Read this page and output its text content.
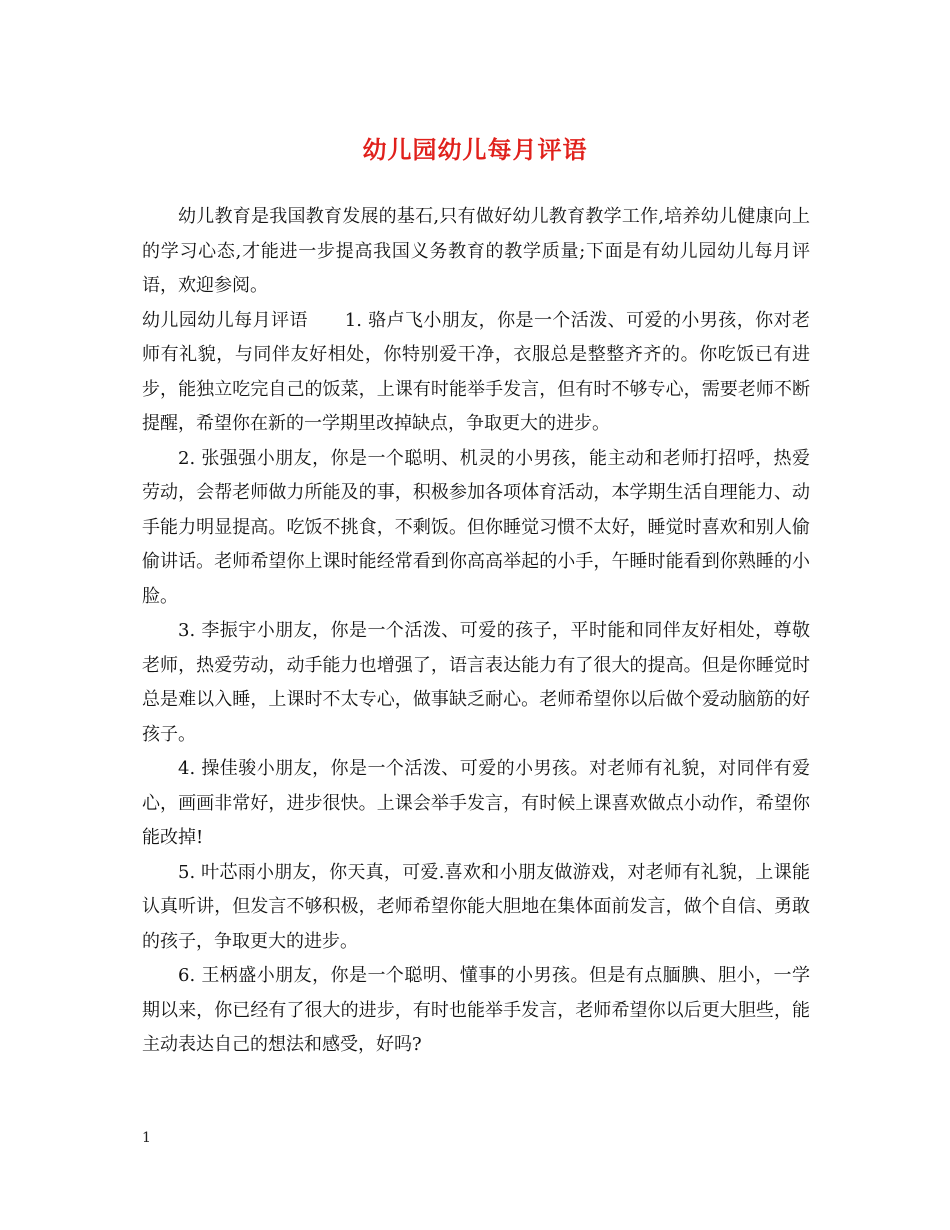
幼儿园幼儿每月评语

幼儿教育是我国教育发展的基石,只有做好幼儿教育教学工作,培养幼儿健康向上的学习心态,才能进一步提高我国义务教育的教学质量;下面是有幼儿园幼儿每月评语，欢迎参阅。

幼儿园幼儿每月评语　　1. 骆卢飞小朋友，你是一个活泼、可爱的小男孩，你对老师有礼貌，与同伴友好相处，你特别爱干净，衣服总是整整齐齐的。你吃饭已有进步，能独立吃完自己的饭菜，上课有时能举手发言，但有时不够专心，需要老师不断提醒，希望你在新的一学期里改掉缺点，争取更大的进步。

2. 张强强小朋友，你是一个聪明、机灵的小男孩，能主动和老师打招呼，热爱劳动，会帮老师做力所能及的事，积极参加各项体育活动，本学期生活自理能力、动手能力明显提高。吃饭不挑食，不剩饭。但你睡觉习惯不太好，睡觉时喜欢和别人偷偷讲话。老师希望你上课时能经常看到你高高举起的小手，午睡时能看到你熟睡的小脸。

3. 李振宇小朋友，你是一个活泼、可爱的孩子，平时能和同伴友好相处，尊敬老师，热爱劳动，动手能力也增强了，语言表达能力有了很大的提高。但是你睡觉时总是难以入睡，上课时不太专心，做事缺乏耐心。老师希望你以后做个爱动脑筋的好孩子。

4. 操佳骏小朋友，你是一个活泼、可爱的小男孩。对老师有礼貌，对同伴有爱心，画画非常好，进步很快。上课会举手发言，有时候上课喜欢做点小动作，希望你能改掉!

5. 叶芯雨小朋友，你天真，可爱.喜欢和小朋友做游戏，对老师有礼貌，上课能认真听讲，但发言不够积极，老师希望你能大胆地在集体面前发言，做个自信、勇敢的孩子，争取更大的进步。

6. 王柄盛小朋友，你是一个聪明、懂事的小男孩。但是有点腼腆、胆小，一学期以来，你已经有了很大的进步，有时也能举手发言，老师希望你以后更大胆些，能主动表达自己的想法和感受，好吗?

1
